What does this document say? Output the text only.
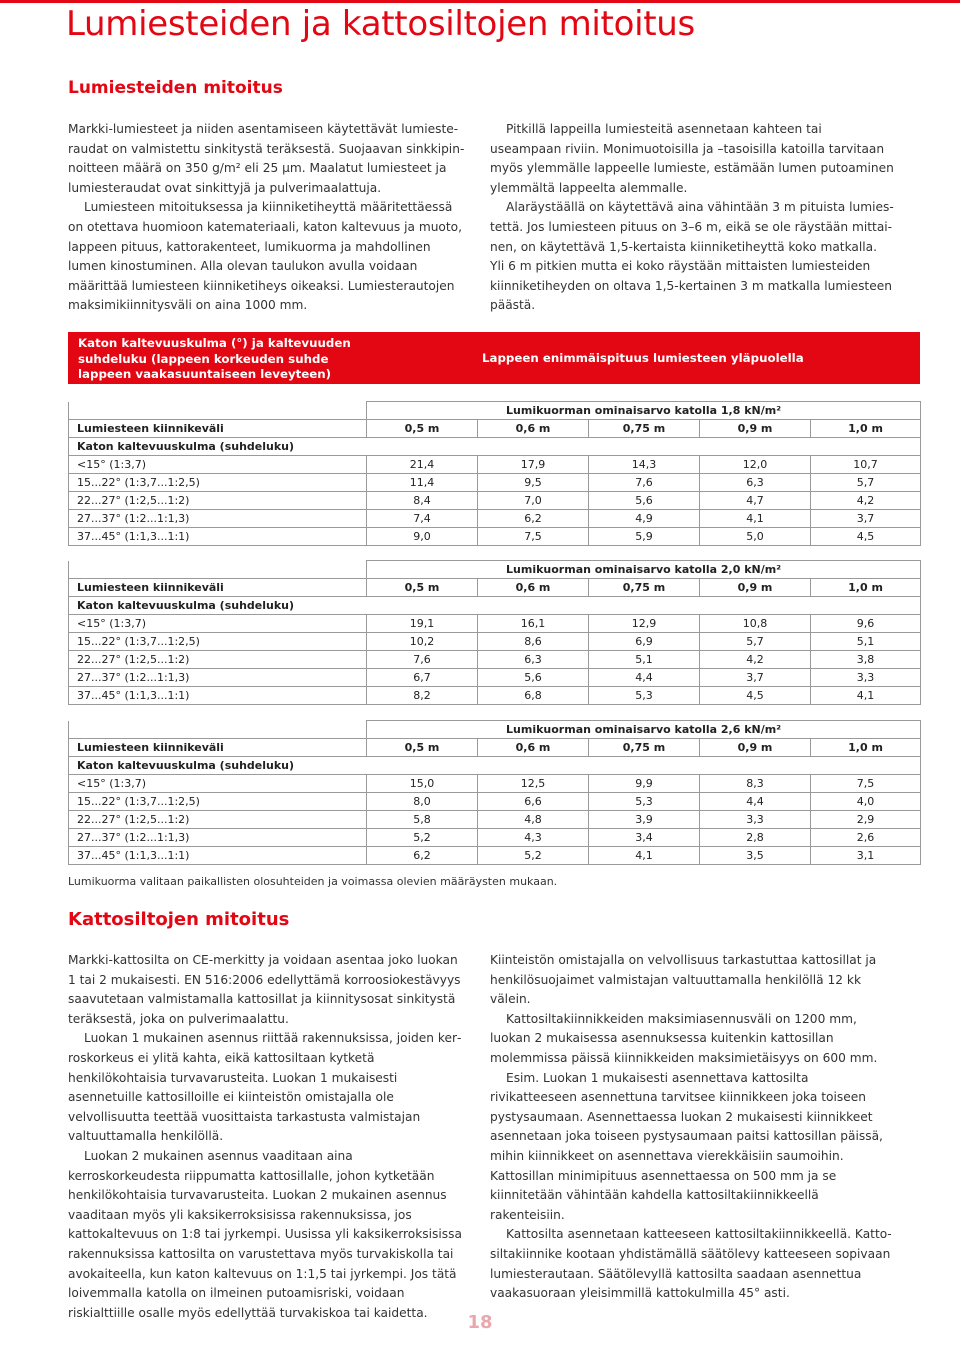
Lumiesteiden ja kattosiltojen mitoitus
Lumiesteiden mitoitus

Markki-lumiesteet ja niiden asentamiseen käytettävät lumiesteraudat on valmistettu sinkitystä teräksestä. Suojaavan sinkkipinnoitteen määrä on 350 g/m² eli 25 µm. Maalatut lumiesteet ja lumiesteraudat ovat sinkittyjä ja pulverimaalattuja.

Lumiesteen mitoituksessa ja kiinniketiheyttä määritettäessä on otettava huomioon katemateriaali, katon kaltevuus ja muoto, lappeen pituus, kattorakenteet, lumikuorma ja mahdollinen lumen kinostuminen. Alla olevan taulukon avulla voidaan määrittää lumiesteen kiinniketiheys oikeaksi. Lumiesterautojen maksimikiinnitysväli on aina 1000 mm.

Pitkillä lappeilla lumiesteitä asennetaan kahteen tai useampaan riviin. Monimuotoisilla ja –tasoisilla katoilla tarvitaan myös ylemmälle lappeelle lumieste, estämään lumen putoaminen ylemmältä lappeelta alemmalle.

Alaräystäällä on käytettävä aina vähintään 3 m pituista lumiestettä. Jos lumiesteen pituus on 3–6 m, eikä se ole räystään mittainen, on käytettävä 1,5-kertaista kiinniketiheyttä koko matkalla. Yli 6 m pitkien mutta ei koko räystään mittaisten lumiesteiden kiinniketiheyden on oltava 1,5-kertainen 3 m matkalla lumiesteen päästä.

Katon kaltevuuskulma (°) ja kaltevuuden suhdeluku (lappeen korkeuden suhde lappeen vaakasuuntaiseen leveyteen)
Lappeen enimmäispituus lumiesteen yläpuolella
	Lumikuorman ominaisarvo katolla 1,8 kN/m²				
Lumiesteen kiinnikeväli	0,5 m	0,6 m	0,75 m	0,9 m	1,0 m
Katon kaltevuuskulma (suhdeluku)					
<15° (1:3,7)	21,4	17,9	14,3	12,0	10,7
15...22° (1:3,7...1:2,5)	11,4	9,5	7,6	6,3	5,7
22...27° (1:2,5...1:2)	8,4	7,0	5,6	4,7	4,2
27...37° (1:2...1:1,3)	7,4	6,2	4,9	4,1	3,7
37...45° (1:1,3...1:1)	9,0	7,5	5,9	5,0	4,5
	Lumikuorman ominaisarvo katolla 2,0 kN/m²				
Lumiesteen kiinnikeväli	0,5 m	0,6 m	0,75 m	0,9 m	1,0 m
Katon kaltevuuskulma (suhdeluku)					
<15° (1:3,7)	19,1	16,1	12,9	10,8	9,6
15...22° (1:3,7...1:2,5)	10,2	8,6	6,9	5,7	5,1
22...27° (1:2,5...1:2)	7,6	6,3	5,1	4,2	3,8
27...37° (1:2...1:1,3)	6,7	5,6	4,4	3,7	3,3
37...45° (1:1,3...1:1)	8,2	6,8	5,3	4,5	4,1
	Lumikuorman ominaisarvo katolla 2,6 kN/m²				
Lumiesteen kiinnikeväli	0,5 m	0,6 m	0,75 m	0,9 m	1,0 m
Katon kaltevuuskulma (suhdeluku)					
<15° (1:3,7)	15,0	12,5	9,9	8,3	7,5
15...22° (1:3,7...1:2,5)	8,0	6,6	5,3	4,4	4,0
22...27° (1:2,5...1:2)	5,8	4,8	3,9	3,3	2,9
27...37° (1:2...1:1,3)	5,2	4,3	3,4	2,8	2,6
37...45° (1:1,3...1:1)	6,2	5,2	4,1	3,5	3,1
Lumikuorma valitaan paikallisten olosuhteiden ja voimassa olevien määräysten mukaan.
Kattosiltojen mitoitus

Markki-kattosilta on CE-merkitty ja voidaan asentaa joko luokan 1 tai 2 mukaisesti. EN 516:2006 edellyttämä korroosiokestävyys saavutetaan valmistamalla kattosillat ja kiinnitysosat sinkitystä teräksestä, joka on pulverimaalattu.

Luokan 1 mukainen asennus riittää rakennuksissa, joiden kerroskorkeus ei ylitä kahta, eikä kattosiltaan kytketä henkilökohtaisia turvavarusteita. Luokan 1 mukaisesti asennetuille kattosilloille ei kiinteistön omistajalla ole velvollisuutta teettää vuosittaista tarkastusta valmistajan valtuuttamalla henkilöllä.

Luokan 2 mukainen asennus vaaditaan aina kerroskorkeudesta riippumatta kattosillalle, johon kytketään henkilökohtaisia turvavarusteita. Luokan 2 mukainen asennus vaaditaan myös yli kaksikerroksisissa rakennuksissa, jos kattokaltevuus on 1:8 tai jyrkempi. Uusissa yli kaksikerroksisissa rakennuksissa kattosilta on varustettava myös turvakiskolla tai avokaiteella, kun katon kaltevuus on 1:1,5 tai jyrkempi. Jos tätä loivemmalla katolla on ilmeinen putoamisriski, voidaan riskialttiille osalle myös edellyttää turvakiskoa tai kaidetta.

Kiinteistön omistajalla on velvollisuus tarkastuttaa kattosillat ja henkilösuojaimet valmistajan valtuuttamalla henkilöllä 12 kk välein.

Kattosiltakiinnikkeiden maksimiasennusväli on 1200 mm, luokan 2 mukaisessa asennuksessa kuitenkin kattosillan molemmissa päissä kiinnikkeiden maksimietäisyys on 600 mm.

Esim. Luokan 1 mukaisesti asennettava kattosilta rivikatteeseen asennettuna tarvitsee kiinnikkeen joka toiseen pystysaumaan. Asennettaessa luokan 2 mukaisesti kiinnikkeet asennetaan joka toiseen pystysaumaan paitsi kattosillan päissä, mihin kiinnikkeet on asennettava vierekkäisiin saumoihin. Kattosillan minimipituus asennettaessa on 500 mm ja se kiinnitetään vähintään kahdella kattosiltakiinnikkeellä rakenteisiin.

Kattosilta asennetaan katteeseen kattosiltakiinnikkeellä. Kattosiltakiinnike kootaan yhdistämällä säätölevy katteeseen sopivaan lumiesterautaan. Säätölevyllä kattosilta saadaan asennettua vaakasuoraan yleisimmillä kattokulmilla 45° asti.

18
